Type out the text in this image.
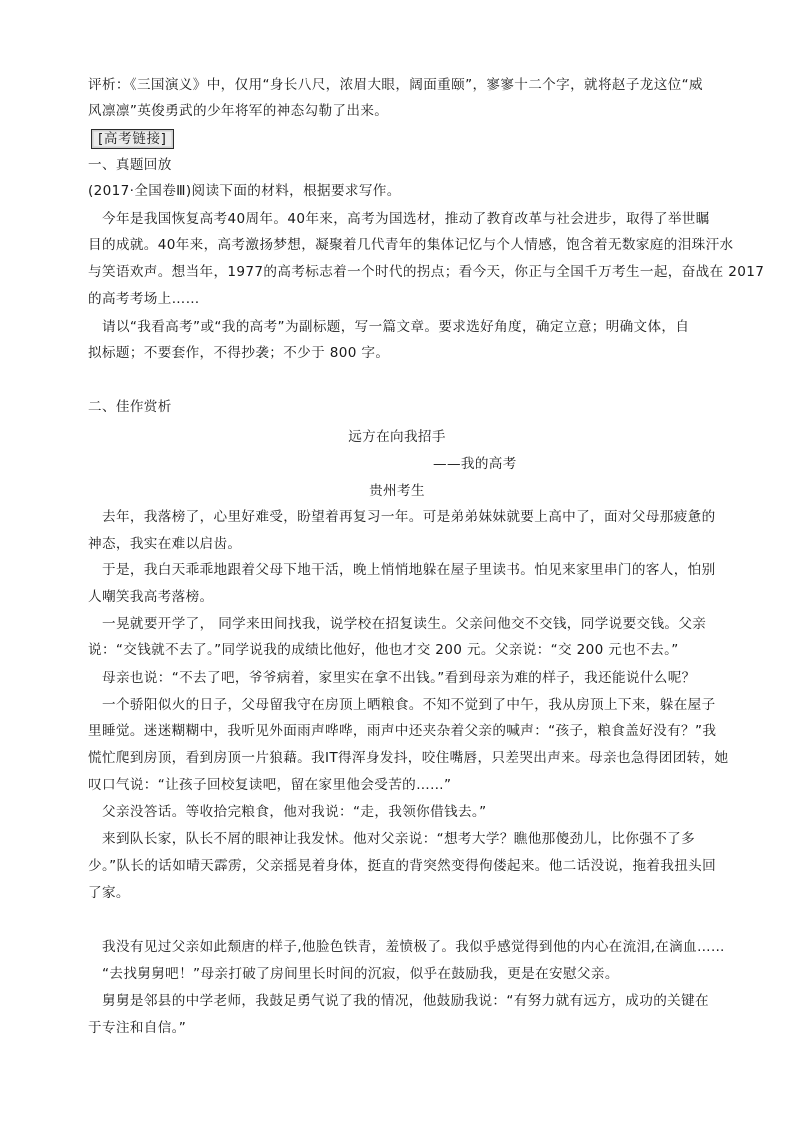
评析：《三国演义》中，仅用“身长八尺，浓眉大眼，阔面重颐”，寥寥十二个字，就将赵子龙这位“威
风凛凛”英俊勇武的少年将军的神态勾勒了出来。
[高考链接]
一、真题回放
(2017·全国卷Ⅲ)阅读下面的材料，根据要求写作。
今年是我国恢复高考40周年。40年来，高考为国选材，推动了教育改革与社会进步，取得了举世瞩
目的成就。40年来，高考激扬梦想，凝聚着几代青年的集体记忆与个人情感，饱含着无数家庭的泪珠汗水
与笑语欢声。想当年，1977的高考标志着一个时代的拐点；看今天，你正与全国千万考生一起，奋战在 2017
的高考考场上……
请以“我看高考”或“我的高考”为副标题，写一篇文章。要求选好角度，确定立意；明确文体，自
拟标题；不要套作，不得抄袭；不少于 800 字。
二、佳作赏析
远方在向我招手
——我的高考
贵州考生
去年，我落榜了，心里好难受，盼望着再复习一年。可是弟弟妹妹就要上高中了，面对父母那疲惫的
神态，我实在难以启齿。
于是，我白天乖乖地跟着父母下地干活，晚上悄悄地躲在屋子里读书。怕见来家里串门的客人，怕别
人嘲笑我高考落榜。
一晃就要开学了， 同学来田间找我，说学校在招复读生。父亲问他交不交钱，同学说要交钱。父亲
说：“交钱就不去了。”同学说我的成绩比他好，他也才交 200 元。父亲说：“交 200 元也不去。”
母亲也说：“不去了吧，爷爷病着，家里实在拿不出钱。”看到母亲为难的样子，我还能说什么呢？
一个骄阳似火的日子，父母留我守在房顶上晒粮食。不知不觉到了中午，我从房顶上下来，躲在屋子
里睡觉。迷迷糊糊中，我听见外面雨声哗哗，雨声中还夹杂着父亲的喊声：“孩子，粮食盖好没有？”我
慌忙爬到房顶，看到房顶一片狼藉。我IT得浑身发抖，咬住嘴唇，只差哭出声来。母亲也急得团团转，她
叹口气说：“让孩子回校复读吧，留在家里他会受苦的……”
父亲没答话。等收拾完粮食，他对我说：“走，我领你借钱去。”
来到队长家，队长不屑的眼神让我发怵。他对父亲说：“想考大学？瞧他那傻劲儿，比你强不了多
少。”队长的话如晴天霹雳，父亲摇晃着身体，挺直的背突然变得佝偻起来。他二话没说，拖着我扭头回
了家。
我没有见过父亲如此颓唐的样子,他脸色铁青，羞愤极了。我似乎感觉得到他的内心在流泪,在滴血……
“去找舅舅吧！”母亲打破了房间里长时间的沉寂，似乎在鼓励我，更是在安慰父亲。
舅舅是邻县的中学老师，我鼓足勇气说了我的情况，他鼓励我说：“有努力就有远方，成功的关键在
于专注和自信。”
